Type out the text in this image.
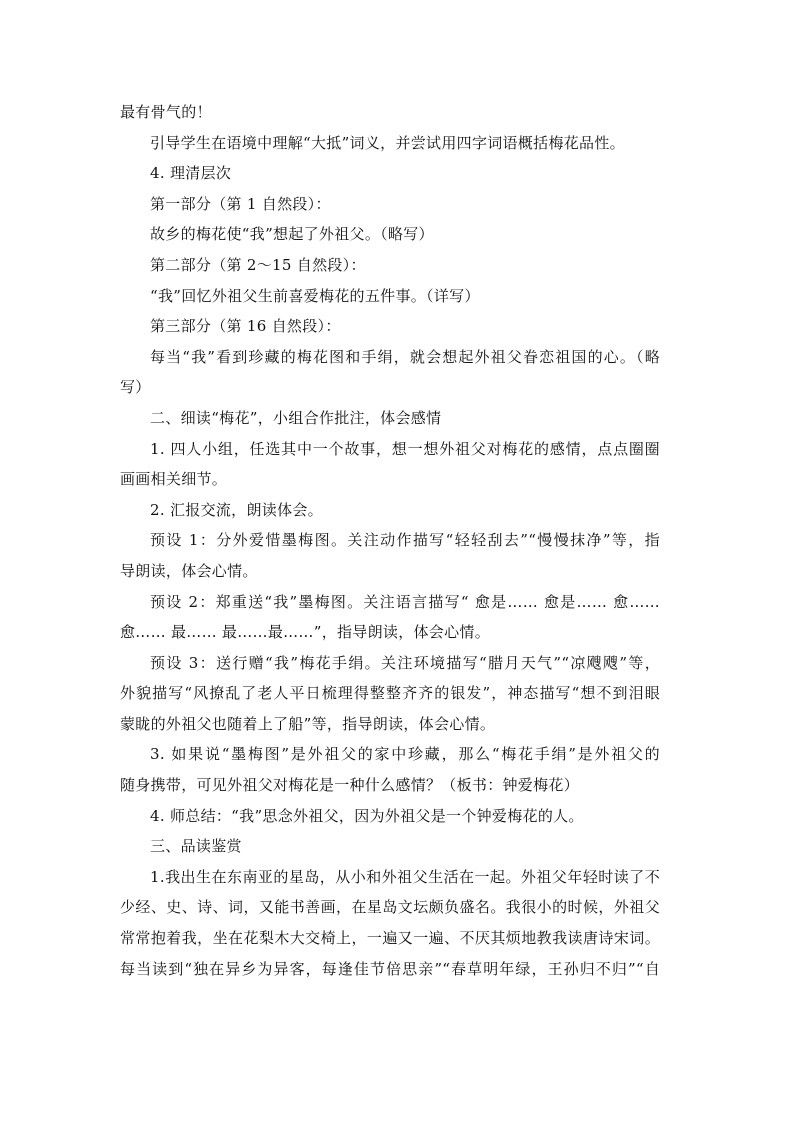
最有骨气的！
引导学生在语境中理解“大抵”词义，并尝试用四字词语概括梅花品性。
4. 理清层次
第一部分（第 1 自然段）：
故乡的梅花使“我”想起了外祖父。（略写）
第二部分（第 2～15 自然段）：
“我”回忆外祖父生前喜爱梅花的五件事。（详写）
第三部分（第 16 自然段）：
每当“我”看到珍藏的梅花图和手绢，就会想起外祖父眷恋祖国的心。（略
写）
二、细读“梅花”，小组合作批注，体会感情
1. 四人小组，任选其中一个故事，想一想外祖父对梅花的感情，点点圈圈
画画相关细节。
2. 汇报交流，朗读体会。
预设 1：分外爱惜墨梅图。关注动作描写“轻轻刮去”“慢慢抹净”等，指
导朗读，体会心情。
预设 2：郑重送“我”墨梅图。关注语言描写“ 愈是…… 愈是…… 愈……
愈…… 最…… 最……最……”，指导朗读，体会心情。
预设 3：送行赠“我”梅花手绢。关注环境描写“腊月天气”“凉飕飕”等，
外貌描写“风撩乱了老人平日梳理得整整齐齐的银发”，神态描写“想不到泪眼
蒙眬的外祖父也随着上了船”等，指导朗读，体会心情。
3. 如果说“墨梅图”是外祖父的家中珍藏，那么“梅花手绢”是外祖父的
随身携带，可见外祖父对梅花是一种什么感情？（板书：钟爱梅花）
4. 师总结：“我”思念外祖父，因为外祖父是一个钟爱梅花的人。
三、品读鉴赏
1.我出生在东南亚的星岛，从小和外祖父生活在一起。外祖父年轻时读了不
少经、史、诗、词，又能书善画，在星岛文坛颇负盛名。我很小的时候，外祖父
常常抱着我，坐在花梨木大交椅上，一遍又一遍、不厌其烦地教我读唐诗宋词。
每当读到“独在异乡为异客，每逢佳节倍思亲”“春草明年绿，王孙归不归”“自
